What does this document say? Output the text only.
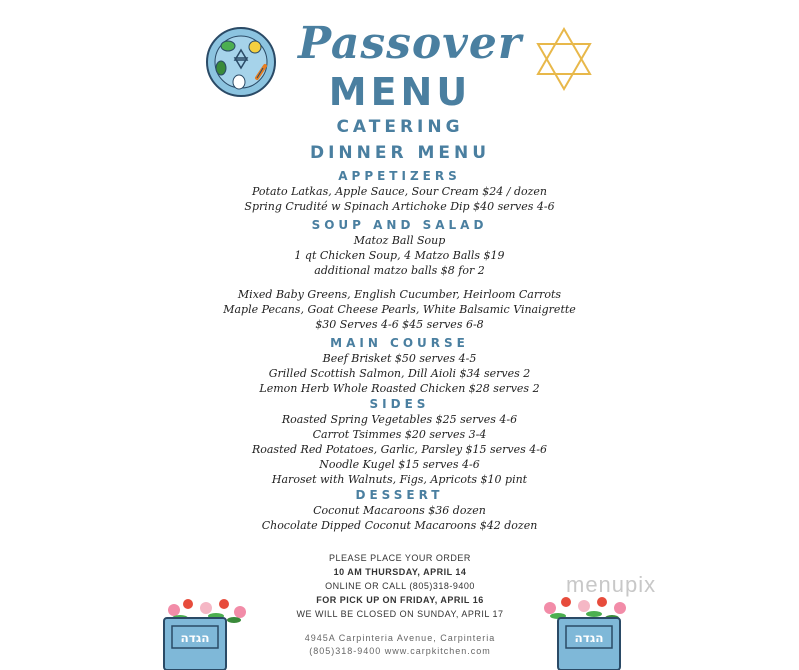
Passover
MENU
CATERING
DINNER MENU
APPETIZERS
Potato Latkas, Apple Sauce, Sour Cream $24 / dozen
Spring Crudité w Spinach Artichoke Dip $40 serves 4-6
SOUP AND SALAD
Matoz Ball Soup
1 qt Chicken Soup, 4 Matzo Balls $19
additional matzo balls $8 for 2
Mixed Baby Greens, English Cucumber, Heirloom Carrots
Maple Pecans, Goat Cheese Pearls, White Balsamic Vinaigrette
$30 Serves 4-6 $45 serves 6-8
MAIN COURSE
Beef Brisket $50 serves 4-5
Grilled Scottish Salmon, Dill Aioli $34 serves 2
Lemon Herb Whole Roasted Chicken $28 serves 2
SIDES
Roasted Spring Vegetables $25 serves 4-6
Carrot Tsimmes $20 serves 3-4
Roasted Red Potatoes, Garlic, Parsley $15 serves 4-6
Noodle Kugel $15 serves 4-6
Haroset with Walnuts, Figs, Apricots $10 pint
DESSERT
Coconut Macaroons $36 dozen
Chocolate Dipped Coconut Macaroons $42 dozen
PLEASE PLACE YOUR ORDER
10 AM THURSDAY, APRIL 14
ONLINE OR CALL (805)318-9400
FOR PICK UP ON FRIDAY, APRIL 16
WE WILL BE CLOSED ON SUNDAY, APRIL 17
4945A Carpinteria Avenue, Carpinteria
(805)318-9400 www.carpkitchen.com
הגדה	הגדה
menupix
